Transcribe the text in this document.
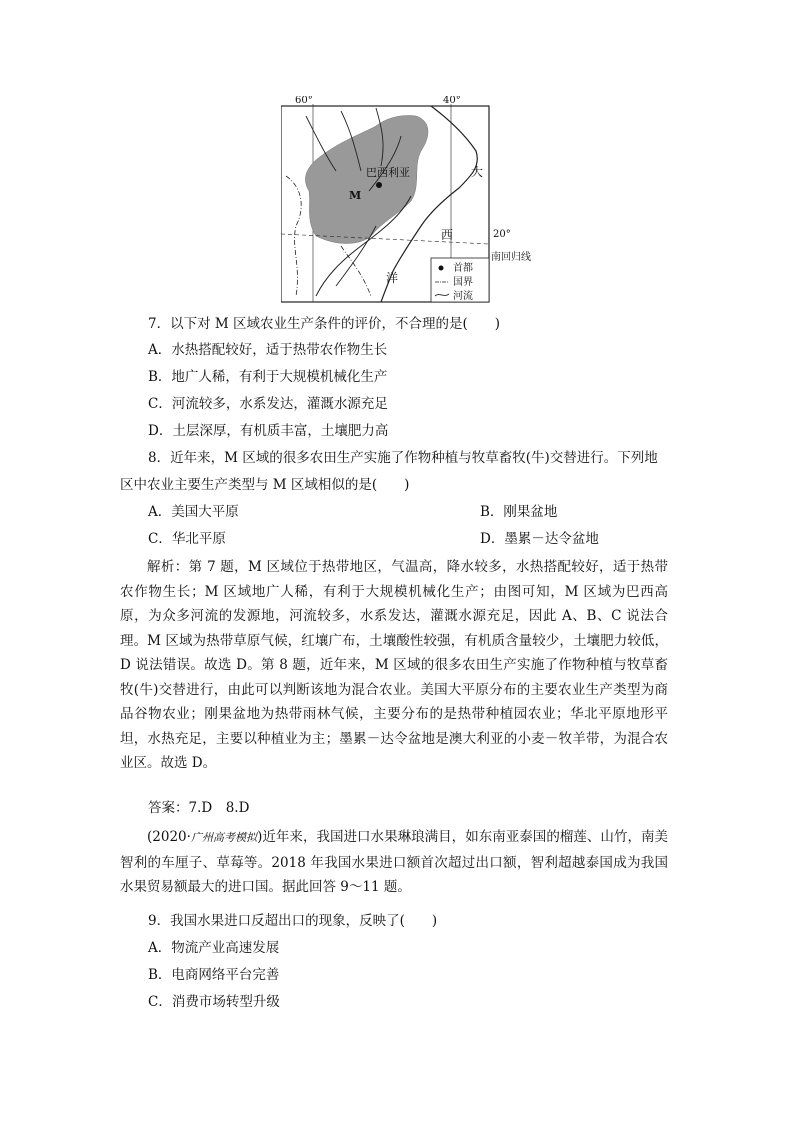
60°	40°
20°
南回归线
巴西利亚
M
大
西
洋
首都
国界
河流
7．以下对 M 区域农业生产条件的评价，不合理的是(　　)
A．水热搭配较好，适于热带农作物生长
B．地广人稀，有利于大规模机械化生产
C．河流较多，水系发达，灌溉水源充足
D．土层深厚，有机质丰富，土壤肥力高
8．近年来，M 区域的很多农田生产实施了作物种植与牧草畜牧(牛)交替进行。下列地
区中农业主要生产类型与 M 区域相似的是(　　)
A．美国大平原	B．刚果盆地
C．华北平原	D．墨累－达令盆地
解析：第 7 题，M 区域位于热带地区，气温高，降水较多，水热搭配较好，适于热带农作物生长；M 区域地广人稀，有利于大规模机械化生产；由图可知，M 区域为巴西高原，为众多河流的发源地，河流较多，水系发达，灌溉水源充足，因此 A、B、C 说法合理。M 区域为热带草原气候，红壤广布，土壤酸性较强，有机质含量较少，土壤肥力较低，D 说法错误。故选 D。第 8 题，近年来，M 区域的很多农田生产实施了作物种植与牧草畜牧(牛)交替进行，由此可以判断该地为混合农业。美国大平原分布的主要农业生产类型为商品谷物农业；刚果盆地为热带雨林气候，主要分布的是热带种植园农业；华北平原地形平坦，水热充足，主要以种植业为主；墨累－达令盆地是澳大利亚的小麦－牧羊带，为混合农业区。故选 D。
答案：7.D　8.D
(2020·广州高考模拟)近年来，我国进口水果琳琅满目，如东南亚泰国的榴莲、山竹，南美智利的车厘子、草莓等。2018 年我国水果进口额首次超过出口额，智利超越泰国成为我国水果贸易额最大的进口国。据此回答 9～11 题。
9．我国水果进口反超出口的现象，反映了(　　)
A．物流产业高速发展
B．电商网络平台完善
C．消费市场转型升级
